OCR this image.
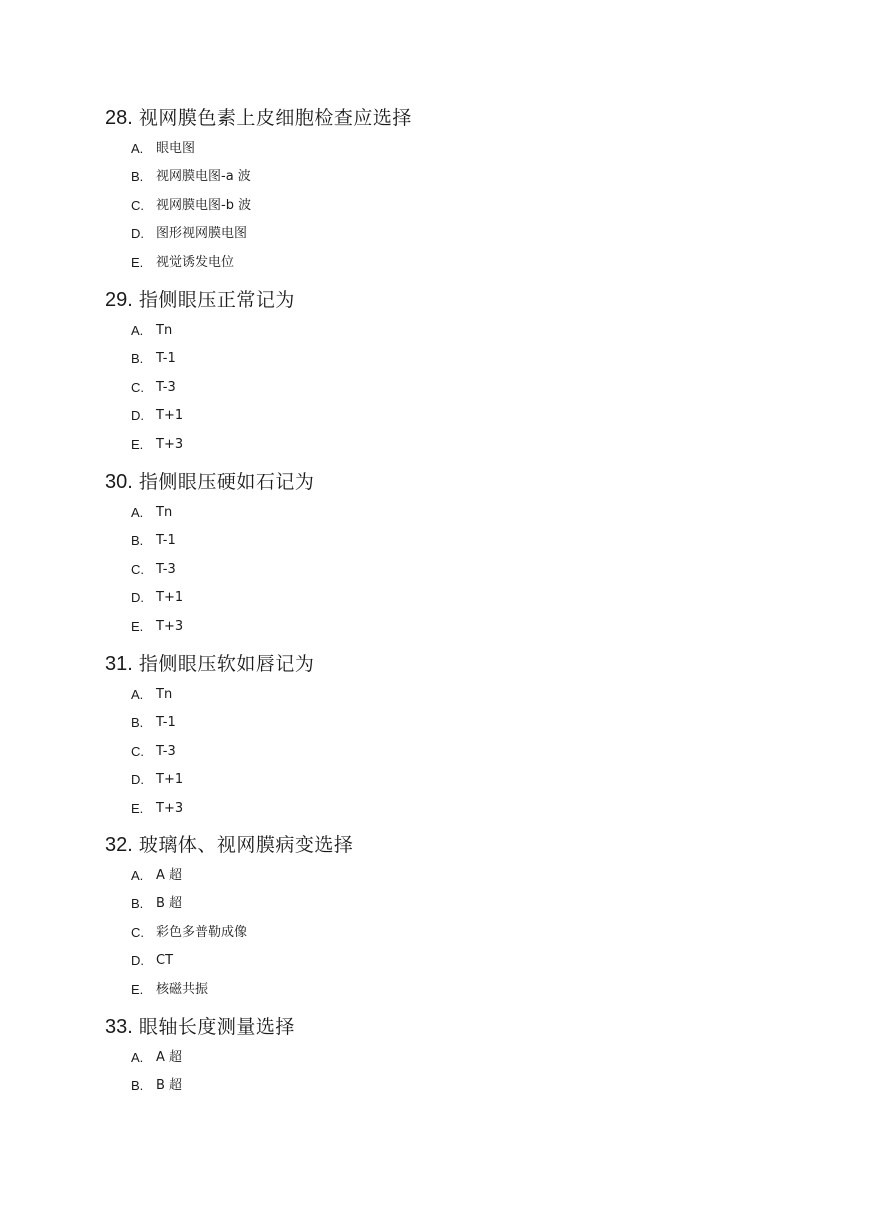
28. 视网膜色素上皮细胞检查应选择
A. 眼电图
B. 视网膜电图-a 波
C. 视网膜电图-b 波
D. 图形视网膜电图
E. 视觉诱发电位
29. 指侧眼压正常记为
A. Tn
B. T-1
C. T-3
D. T+1
E. T+3
30. 指侧眼压硬如石记为
A. Tn
B. T-1
C. T-3
D. T+1
E. T+3
31. 指侧眼压软如唇记为
A. Tn
B. T-1
C. T-3
D. T+1
E. T+3
32. 玻璃体、视网膜病变选择
A. A 超
B. B 超
C. 彩色多普勒成像
D. CT
E. 核磁共振
33. 眼轴长度测量选择
A. A 超
B. B 超
